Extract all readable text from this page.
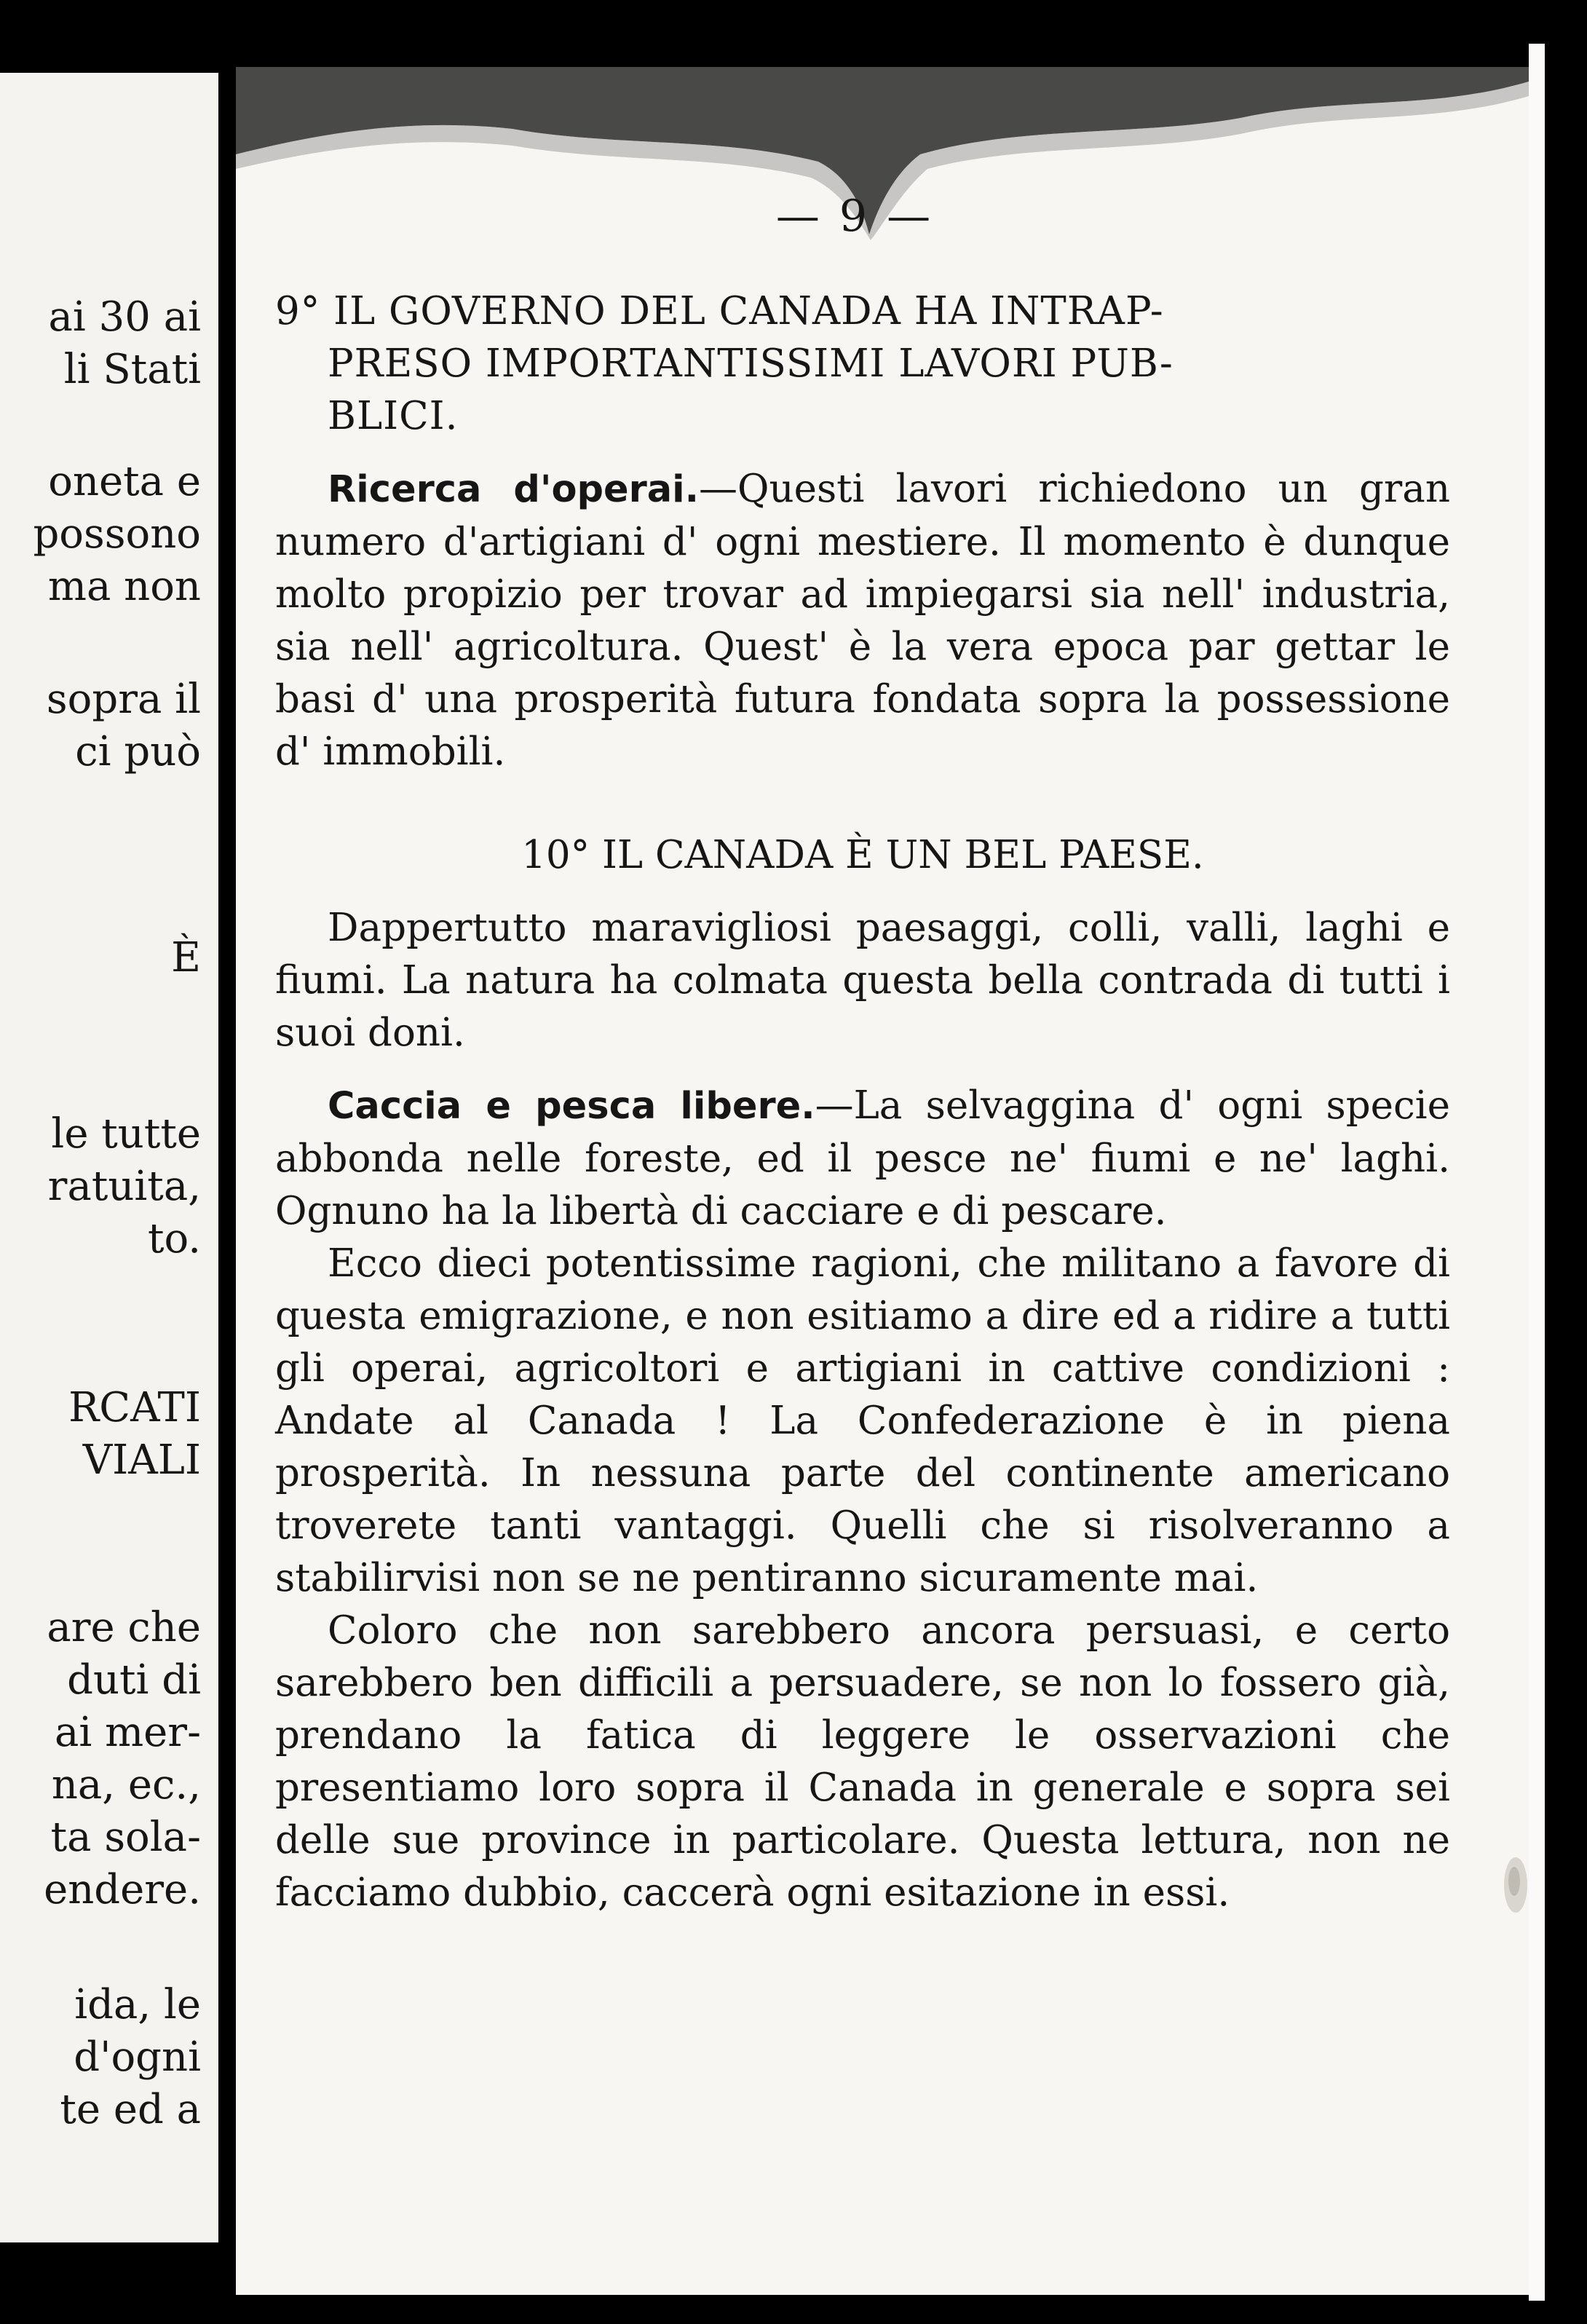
ai 30 ai
li Stati
oneta e
possono
ma non
sopra il
ci può
È
le tutte
ratuita,
to.
RCATI
VIALI
are che
duti di
ai mer-
na, ec.,
ta sola-
endere.
ida, le
d'ogni
te ed a
— 9 —
9° IL GOVERNO DEL CANADA HA INTRAP-
PRESO IMPORTANTISSIMI LAVORI PUB-
BLICI.

Ricerca d'operai.—Questi lavori richiedono un gran numero d'artigiani d' ogni mestiere. Il momento è dunque molto propizio per trovar ad impiegarsi sia nell' industria, sia nell' agricoltura. Quest' è la vera epoca par gettar le basi d' una prosperità futura fondata sopra la possessione d' immobili.

10° IL CANADA È UN BEL PAESE.

Dappertutto maravigliosi paesaggi, colli, valli, laghi e fiumi. La natura ha colmata questa bella contrada di tutti i suoi doni.

Caccia e pesca libere.—La selvaggina d' ogni specie abbonda nelle foreste, ed il pesce ne' fiumi e ne' laghi. Ognuno ha la libertà di cacciare e di pescare.

Ecco dieci potentissime ragioni, che militano a favore di questa emigrazione, e non esitiamo a dire ed a ridire a tutti gli operai, agricoltori e artigiani in cattive condizioni : Andate al Canada ! La Confederazione è in piena prosperità. In nessuna parte del continente americano troverete tanti vantaggi. Quelli che si risolveranno a stabilirvisi non se ne pentiranno sicuramente mai.

Coloro che non sarebbero ancora persuasi, e certo sarebbero ben difficili a persuadere, se non lo fossero già, prendano la fatica di leggere le osservazioni che presentiamo loro sopra il Canada in generale e sopra sei delle sue province in particolare. Questa lettura, non ne facciamo dubbio, caccerà ogni esitazione in essi.
